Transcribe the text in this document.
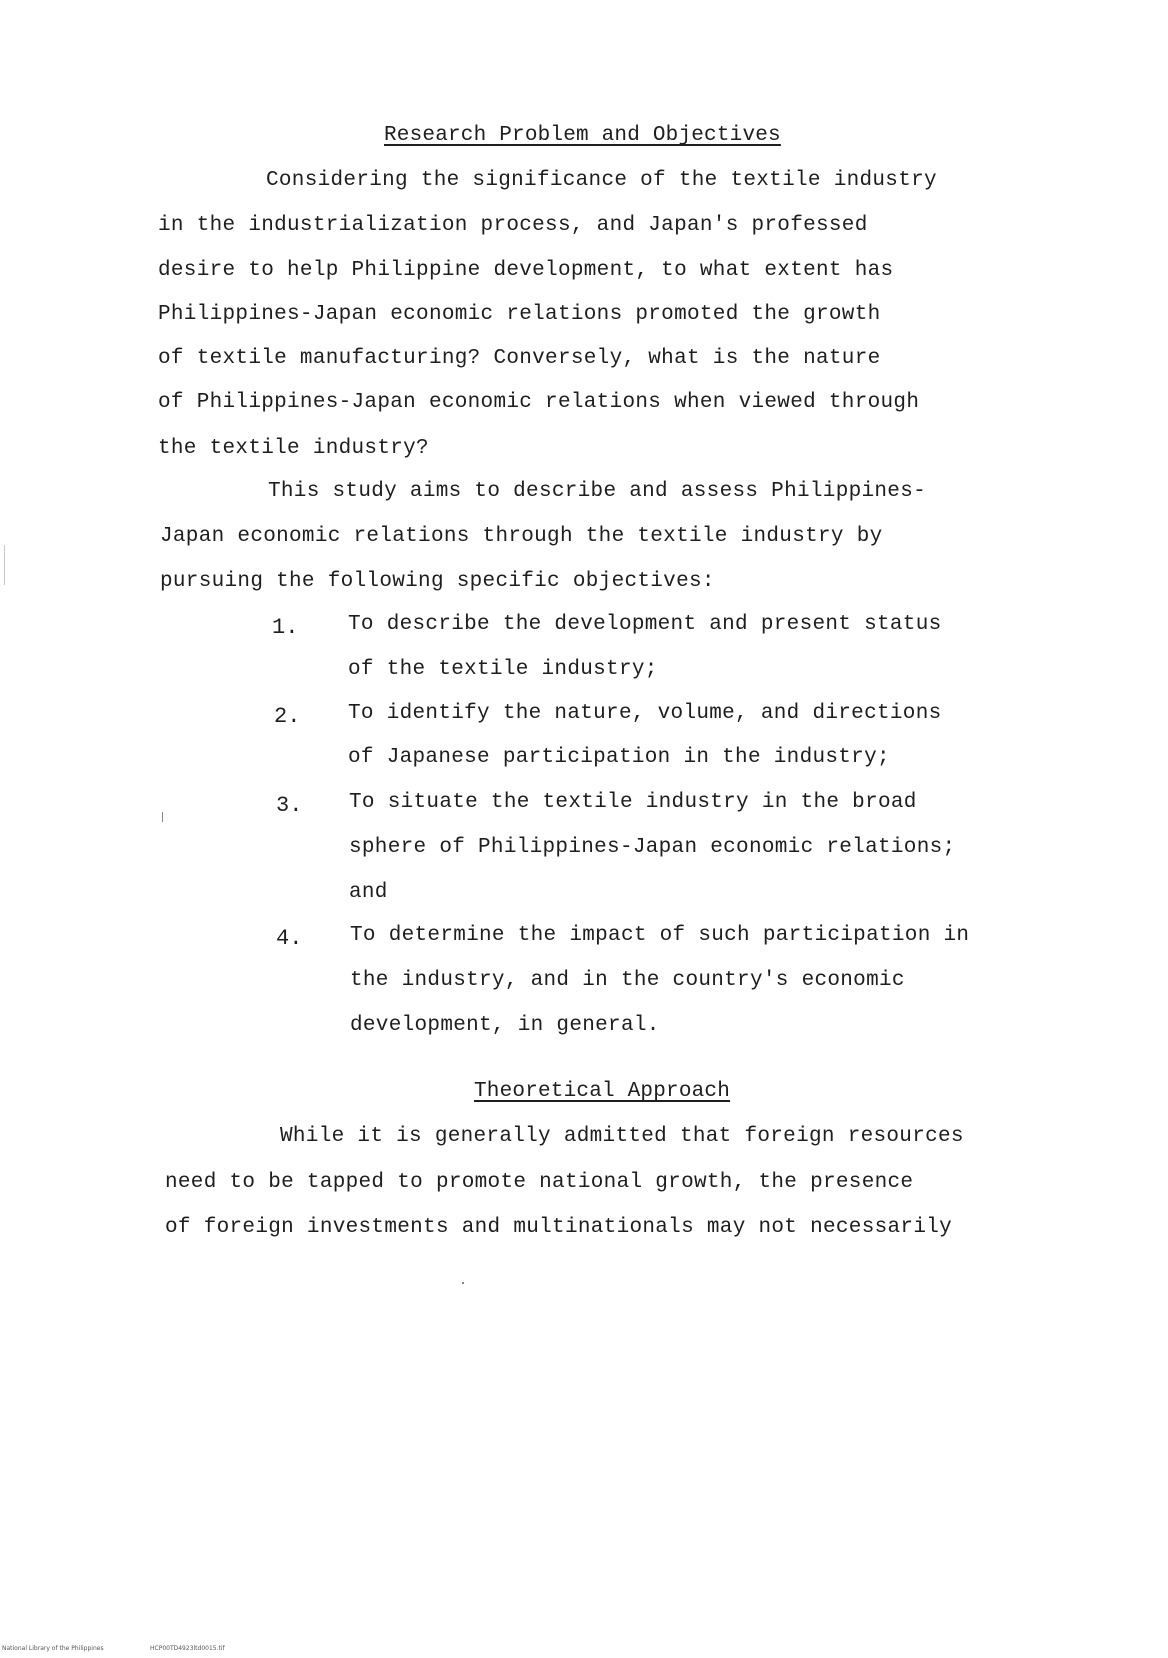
Research Problem and Objectives
Considering the significance of the textile industry
in the industrialization process, and Japan's professed
desire to help Philippine development, to what extent has
Philippines-Japan economic relations promoted the growth
of textile manufacturing? Conversely, what is the nature
of Philippines-Japan economic relations when viewed through
the textile industry?
This study aims to describe and assess Philippines-
Japan economic relations through the textile industry by
pursuing the following specific objectives:
1. To describe the development and present status
of the textile industry;
2. To identify the nature, volume, and directions
of Japanese participation in the industry;
3. To situate the textile industry in the broad
sphere of Philippines-Japan economic relations;
and
4. To determine the impact of such participation in
the industry, and in the country's economic
development, in general.
Theoretical Approach
While it is generally admitted that foreign resources
need to be tapped to promote national growth, the presence
of foreign investments and multinationals may not necessarily
National Library of the Philippines	HCP00TD4923ltd0015.tif
